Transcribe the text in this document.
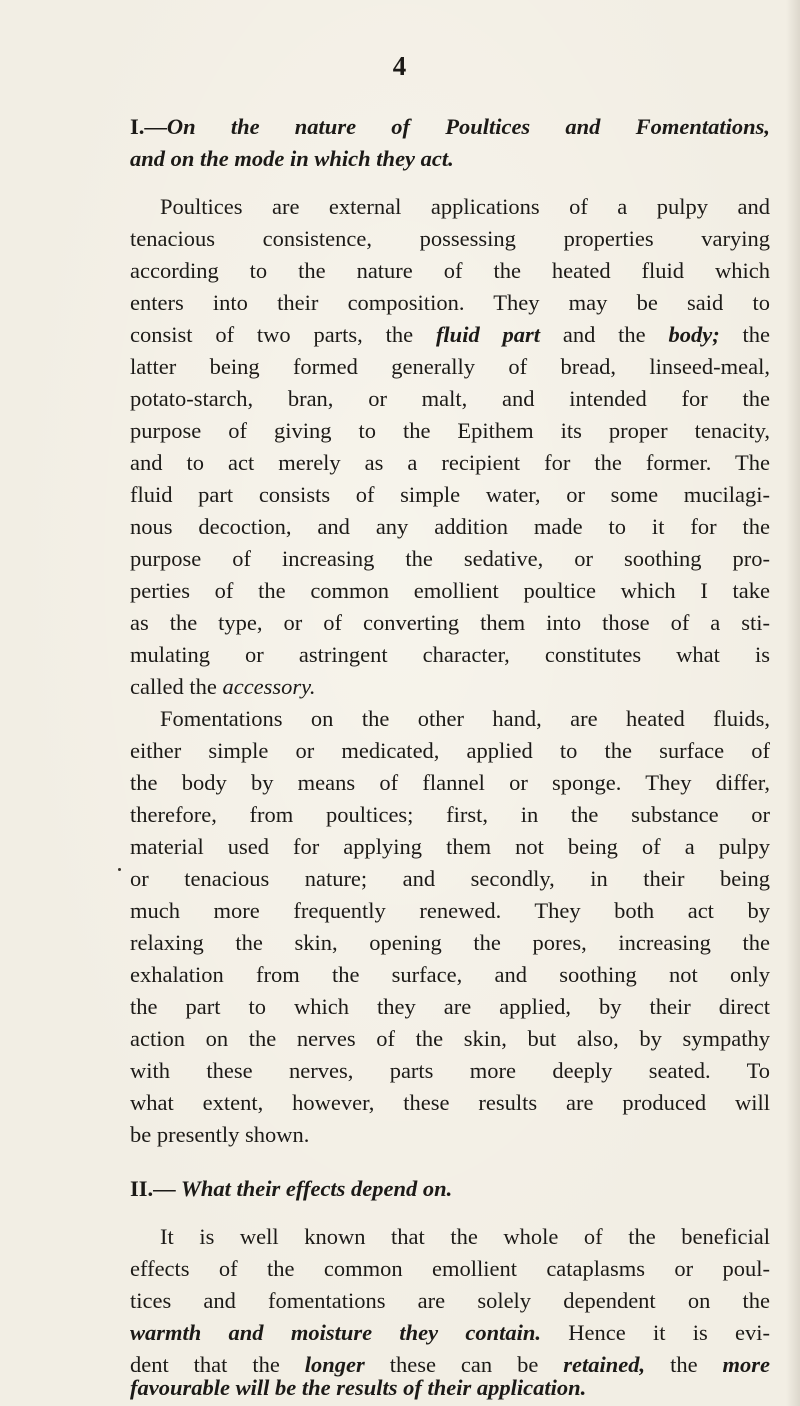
4
I.—On the nature of Poultices and Fomentations,
and on the mode in which they act.
Poultices are external applications of a pulpy and
tenacious consistence, possessing properties varying
according to the nature of the heated fluid which
enters into their composition. They may be said to
consist of two parts, the fluid part and the body; the
latter being formed generally of bread, linseed-meal,
potato-starch, bran, or malt, and intended for the
purpose of giving to the Epithem its proper tenacity,
and to act merely as a recipient for the former. The
fluid part consists of simple water, or some mucilagi-
nous decoction, and any addition made to it for the
purpose of increasing the sedative, or soothing pro-
perties of the common emollient poultice which I take
as the type, or of converting them into those of a sti-
mulating or astringent character, constitutes what is
called the accessory.
Fomentations on the other hand, are heated fluids,
either simple or medicated, applied to the surface of
the body by means of flannel or sponge. They differ,
therefore, from poultices; first, in the substance or
material used for applying them not being of a pulpy
or tenacious nature; and secondly, in their being
much more frequently renewed. They both act by
relaxing the skin, opening the pores, increasing the
exhalation from the surface, and soothing not only
the part to which they are applied, by their direct
action on the nerves of the skin, but also, by sympathy
with these nerves, parts more deeply seated. To
what extent, however, these results are produced will
be presently shown.
II.— What their effects depend on.
It is well known that the whole of the beneficial
effects of the common emollient cataplasms or poul-
tices and fomentations are solely dependent on the
warmth and moisture they contain. Hence it is evi-
dent that the longer these can be retained, the more
favourable will be the results of their application.
